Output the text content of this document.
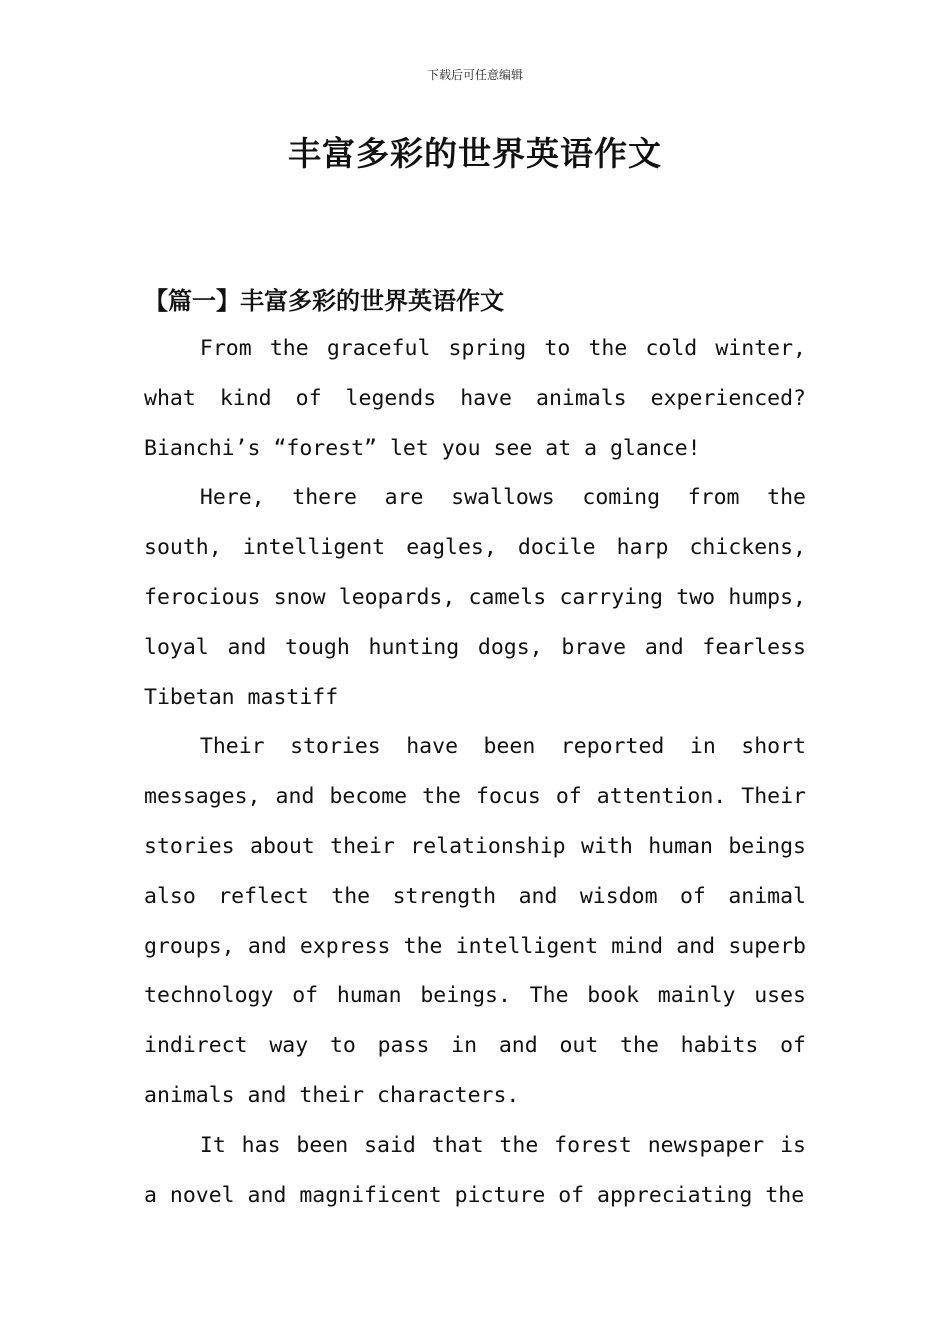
下载后可任意编辑
丰富多彩的世界英语作文
【篇一】丰富多彩的世界英语作文

From the graceful spring to the cold winter, what kind of legends have animals experienced? Bianchi’s “forest” let you see at a glance!

Here, there are swallows coming from the south, intelligent eagles, docile harp chickens, ferocious snow leopards, camels carrying two humps, loyal and tough hunting dogs, brave and fearless Tibetan mastiff

Their stories have been reported in short messages, and become the focus of attention. Their stories about their relationship with human beings also reflect the strength and wisdom of animal groups, and express the intelligent mind and superb technology of human beings. The book mainly uses indirect way to pass in and out the habits of animals and their characters.

It has been said that the forest newspaper is a novel and magnificent picture of appreciating the
